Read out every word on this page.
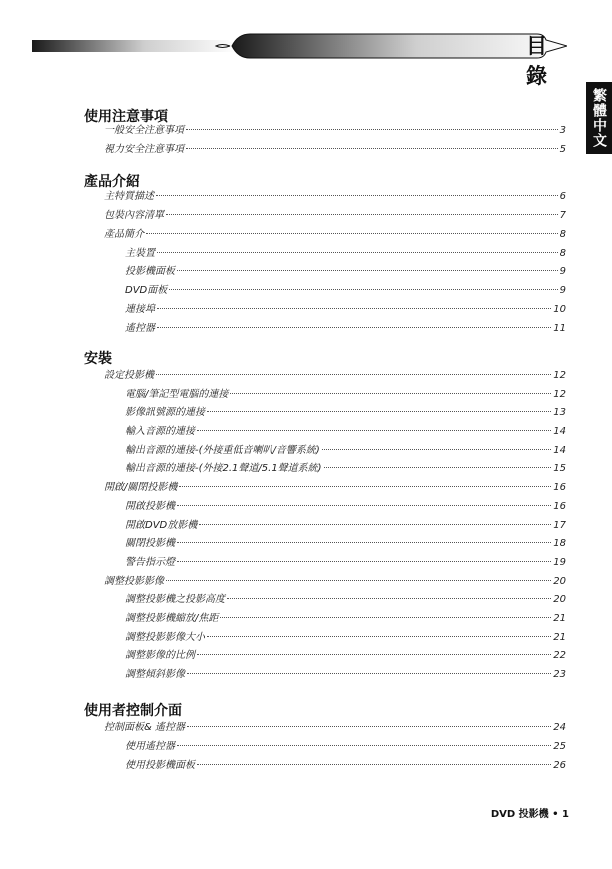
目錄
繁體中文
使用注意事項
一般安全注意事項	3
視力安全注意事項	5
產品介紹
主特質描述	6
包裝內容清單	7
產品簡介	8
主裝置	8
投影機面板	9
DVD面板	9
連接埠	10
遙控器	11
安裝
設定投影機	12
電腦/筆記型電腦的連接	12
影像訊號源的連接	13
輸入音源的連接	14
輸出音源的連接-(外接重低音喇叭/音響系統)	14
輸出音源的連接-(外接2.1聲道/5.1聲道系統)	15
開啟/關閉投影機	16
開啟投影機	16
開啟DVD放影機	17
關閉投影機	18
警告指示燈	19
調整投影影像	20
調整投影機之投影高度	20
調整投影機縮放/焦距	21
調整投影影像大小	21
調整影像的比例	22
調整傾斜影像	23
使用者控制介面
控制面板& 遙控器	24
使用遙控器	25
使用投影機面板	26
DVD 投影機 • 1
